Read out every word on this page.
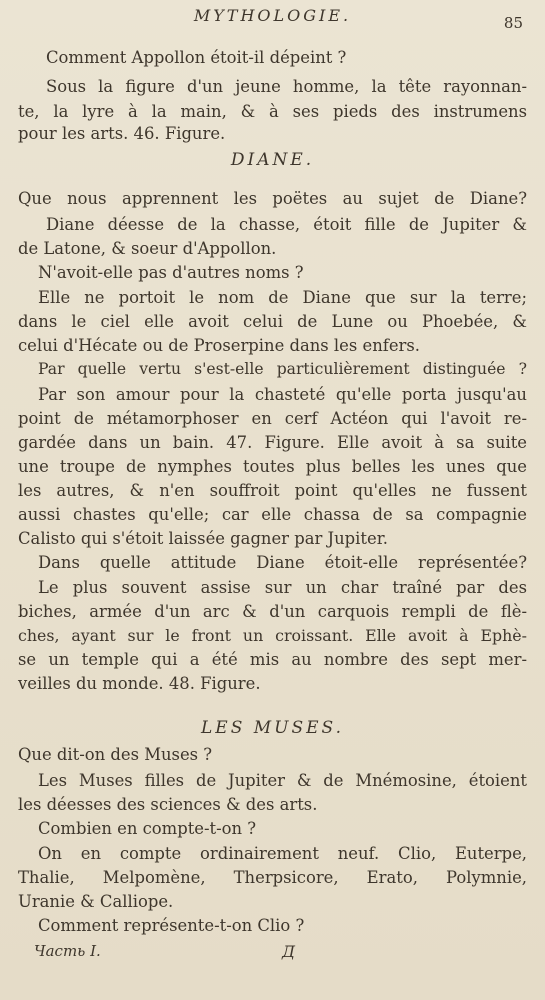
MYTHOLOGIE.	85
Comment Appollon étoit-il dépeint ?
Sous la figure d'un jeune homme, la tête rayonnan-
te, la lyre à la main, & à ses pieds des instrumens
pour les arts. 46. Figure.
DIANE.
Que nous apprennent les poëtes au sujet de Diane?
Diane déesse de la chasse, étoit fille de Jupiter &
de Latone, & soeur d'Appollon.
N'avoit-elle pas d'autres noms ?
Elle ne portoit le nom de Diane que sur la terre;
dans le ciel elle avoit celui de Lune ou Phoebée, &
celui d'Hécate ou de Proserpine dans les enfers.
Par quelle vertu s'est-elle particulièrement distinguée ?
Par son amour pour la chasteté qu'elle porta jusqu'au
point de métamorphoser en cerf Actéon qui l'avoit re-
gardée dans un bain. 47. Figure. Elle avoit à sa suite
une troupe de nymphes toutes plus belles les unes que
les autres, & n'en souffroit point qu'elles ne fussent
aussi chastes qu'elle; car elle chassa de sa compagnie
Calisto qui s'étoit laissée gagner par Jupiter.
Dans quelle attitude Diane étoit-elle représentée?
Le plus souvent assise sur un char traîné par des
biches, armée d'un arc & d'un carquois rempli de flè-
ches, ayant sur le front un croissant. Elle avoit à Ephè-
se un temple qui a été mis au nombre des sept mer-
veilles du monde. 48. Figure.
LES MUSES.
Que dit-on des Muses ?
Les Muses filles de Jupiter & de Mnémosine, étoient
les déesses des sciences & des arts.
Combien en compte-t-on ?
On en compte ordinairement neuf. Clio, Euterpe,
Thalie, Melpomène, Therpsicore, Erato, Polymnie,
Uranie & Calliope.
Comment représente-t-on Clio ?
Часть I.	Д
